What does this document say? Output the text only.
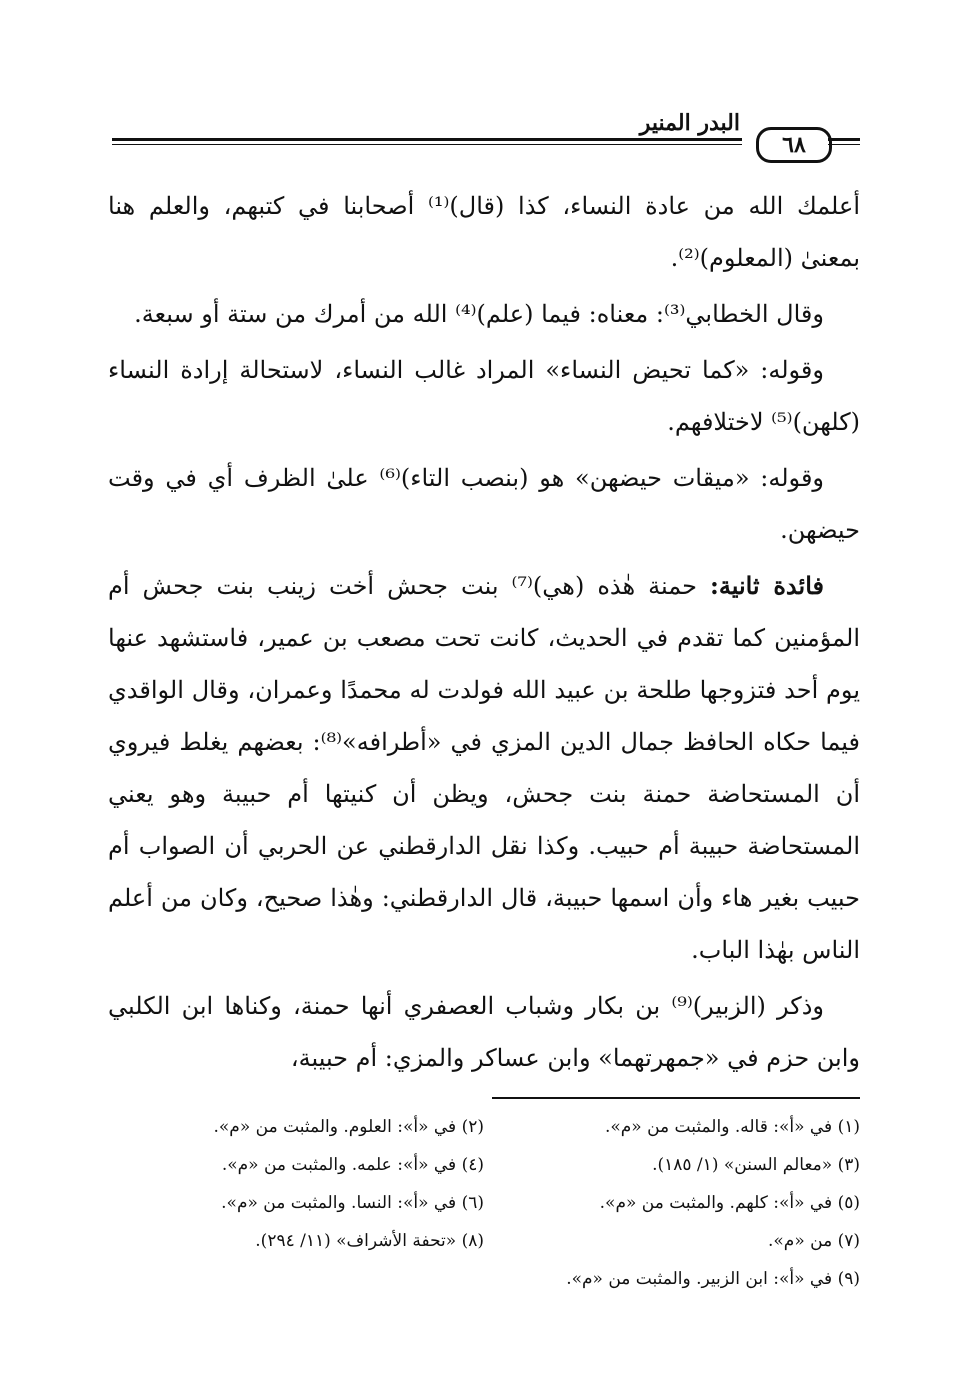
البدر المنير
٦٨

أعلمك الله من عادة النساء، كذا (قال)⁽¹⁾ أصحابنا في كتبهم، والعلم هنا بمعنىٰ (المعلوم)⁽²⁾.

وقال الخطابي⁽³⁾: معناه: فيما (علم)⁽⁴⁾ الله من أمرك من ستة أو سبعة.

وقوله: «كما تحيض النساء» المراد غالب النساء، لاستحالة إرادة النساء (كلهن)⁽⁵⁾ لاختلافهم.

وقوله: «ميقات حيضهن» هو (بنصب التاء)⁽⁶⁾ علىٰ الظرف أي في وقت حيضهن.

فائدة ثانية: حمنة هٰذه (هي)⁽⁷⁾ بنت جحش أخت زينب بنت جحش أم المؤمنين كما تقدم في الحديث، كانت تحت مصعب بن عمير، فاستشهد عنها يوم أحد فتزوجها طلحة بن عبيد الله فولدت له محمدًا وعمران، وقال الواقدي فيما حكاه الحافظ جمال الدين المزي في «أطرافه»⁽⁸⁾: بعضهم يغلط فيروي أن المستحاضة حمنة بنت جحش، ويظن أن كنيتها أم حبيبة وهو يعني المستحاضة حبيبة أم حبيب. وكذا نقل الدارقطني عن الحربي أن الصواب أم حبيب بغير هاء وأن اسمها حبيبة، قال الدارقطني: وهٰذا صحيح، وكان من أعلم الناس بهٰذا الباب.

وذكر (الزبير)⁽⁹⁾ بن بكار وشباب العصفري أنها حمنة، وكناها ابن الكلبي وابن حزم في «جمهرتهما» وابن عساكر والمزي: أم حبيبة،

(١) في «أ»: قاله. والمثبت من «م».
(٢) في «أ»: العلوم. والمثبت من «م».
(٣) «معالم السنن» (١/ ١٨٥).
(٤) في «أ»: علمه. والمثبت من «م».
(٥) في «أ»: كلهم. والمثبت من «م».
(٦) في «أ»: النسا. والمثبت من «م».
(٧) من «م».
(٨) «تحفة الأشراف» (١١/ ٢٩٤).
(٩) في «أ»: ابن الزبير. والمثبت من «م».
